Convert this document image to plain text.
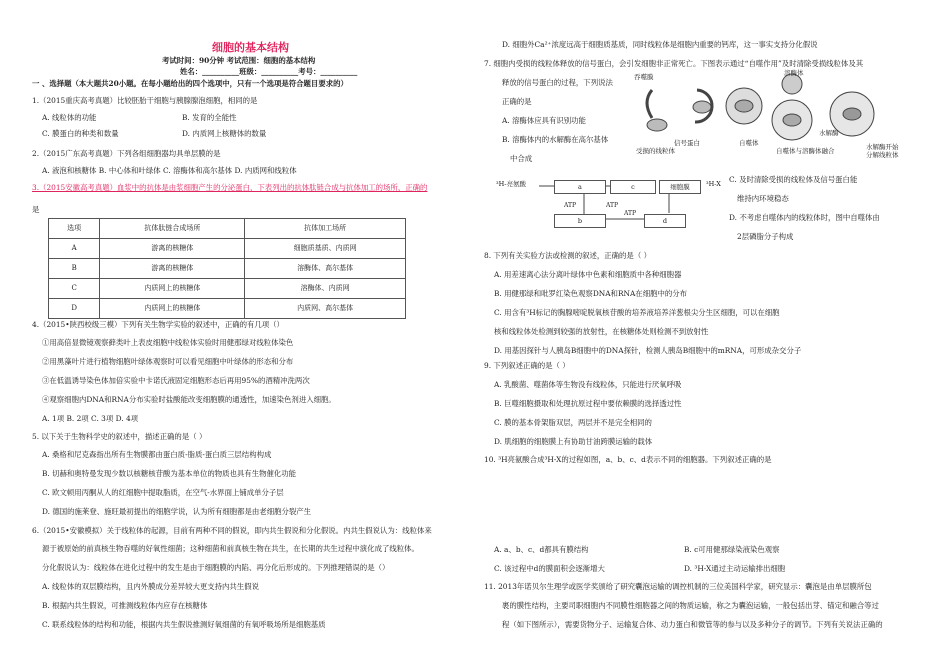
细胞的基本结构
考试时间：90分钟 考试范围：细胞的基本结构
姓名：__________班级：__________考号：__________
一 、选择题（本大题共20小题。在每小题给出的四个选项中，只有一个选项是符合题目要求的）
1.（2015重庆高考真题）比较胚胎干细胞与胰腺腺泡细胞，相同的是
A. 线粒体的功能	B. 发育的全能性
C. 膜蛋白的种类和数量	D. 内质网上核糖体的数量
2.（2015广东高考真题）下列各组细胞器均具单层膜的是
A. 液泡和核糖体 B. 中心体和叶绿体 C. 溶酶体和高尔基体 D. 内质网和线粒体
3.（2015安徽高考真题）血浆中的抗体是由浆细胞产生的分泌蛋白，下表列出的抗体肽链合成与抗体加工的场所，正确的
是
选项	抗体肽链合成场所	抗体加工场所
A	游离的核糖体	细胞质基质、内质网
B	游离的核糖体	溶酶体、高尔基体
C	内质网上的核糖体	溶酶体、内质网
D	内质网上的核糖体	内质网、高尔基体
4.（2015•陕西校级三模）下列有关生物学实验的叙述中，正确的有几项（）
①用高倍显微镜观察藓类叶上表皮细胞中线粒体实验时用健那绿对线粒体染色
②用黑藻叶片进行植物细胞叶绿体观察时可以看见细胞中叶绿体的形态和分布
③在低温诱导染色体加倍实验中卡诺氏液固定细胞形态后再用95%的酒精冲洗两次
④观察细胞内DNA和RNA分布实验时盐酸能改变细胞膜的通透性，加速染色剂进入细胞。
A. 1项 B. 2项 C. 3项 D. 4项
5. 以下关于生物科学史的叙述中，描述正确的是（ ）
A. 桑格和尼克森指出所有生物膜都由蛋白质-脂质-蛋白质三层结构构成
B. 切赫和奥特曼发现少数以核糖核苷酸为基本单位的物质也具有生物催化功能
C. 欧文顿用丙酮从人的红细胞中提取脂质，在空气-水界面上铺成单分子层
D. 德国的施莱登、施旺最初提出的细胞学说，认为所有细胞都是由老细胞分裂产生
6.（2015•安徽模拟）关于线粒体的起源，目前有两种不同的假说，即内共生假说和分化假说。内共生假说认为：线粒体来
源于被原始的前真核生物吞噬的好氧性细菌；这种细菌和前真核生物在共生，在长期的共生过程中演化成了线粒体。
分化假说认为：线粒体在进化过程中的发生是由于细胞膜的内陷、再分化后形成的。下列推理错误的是（）
A. 线粒体的双层膜结构，且内外膜成分差异较大更支持内共生假说
B. 根据内共生假说，可推测线粒体内应存在核糖体
C. 联系线粒体的结构和功能，根据内共生假说推测好氧细菌的有氧呼吸场所是细胞基质
D. 细胞外Ca²⁺浓度远高于细胞质基质，同时线粒体是细胞内重要的钙库，这一事实支持分化假说
7. 细胞内受损的线粒体释放的信号蛋白，会引发细胞非正常死亡。下图表示通过“自噬作用”及时清除受损线粒体及其
释放的信号蛋白的过程，下列说法
正确的是
A. 溶酶体应具有识别功能
B. 溶酶体内的水解酶在高尔基体
中合成
吞噬膜
信号蛋白
受损的线粒体
自噬体
溶酶体
水解酶
自噬体与溶酶体融合	水解酶开始
分解线粒体
³H-亮氨酸	a
b
c
d
细胞膜	³H-X
ATP	ATP
ATP
C. 及时清除受损的线粒体及信号蛋白能
维持内环境稳态
D. 不考虑自噬体内的线粒体时，图中自噬体由
2层磷脂分子构成
8. 下列有关实验方法或检测的叙述，正确的是（ ）
A. 用差速离心法分离叶绿体中色素和细胞质中各种细胞器
B. 用健那绿和吡罗红染色观察DNA和RNA在细胞中的分布
C. 用含有³H标记的胸腺嘧啶脱氧核苷酸的培养液培养洋葱根尖分生区细胞，可以在细胞
核和线粒体处检测到较强的放射性，在核糖体处则检测不到放射性
D. 用基因探针与人胰岛B细胞中的DNA探针，检测人胰岛B细胞中的mRNA，可形成杂交分子
9. 下列叙述正确的是（ ）
A. 乳酸菌、噬菌体等生物没有线粒体，只能进行厌氧呼吸
B. 巨噬细胞摄取和处理抗原过程中要依赖膜的选择透过性
C. 膜的基本骨架脂双层，两层并不是完全相同的
D. 肌细胞的细胞膜上有协助甘油跨膜运输的载体
10. ³H亮氨酸合成³H-X的过程如图，a、b、c、d表示不同的细胞器。下列叙述正确的是
A. a、b、c、d都具有膜结构	B. c可用健那绿染液染色观察
C. 该过程中d的膜面积会逐渐增大	D. ³H-X通过主动运输排出细胞
11. 2013年诺贝尔生理学或医学奖颁给了研究囊泡运输的调控机制的三位美国科学家，研究显示：囊泡是由单层膜所包
裹的膜性结构，主要司职细胞内不同膜性细胞器之间的物质运输，称之为囊泡运输，一般包括出芽、锚定和融合等过
程（如下图所示），需要货物分子、运输复合体、动力蛋白和微管等的参与以及多种分子的调节。下列有关说法正确的
